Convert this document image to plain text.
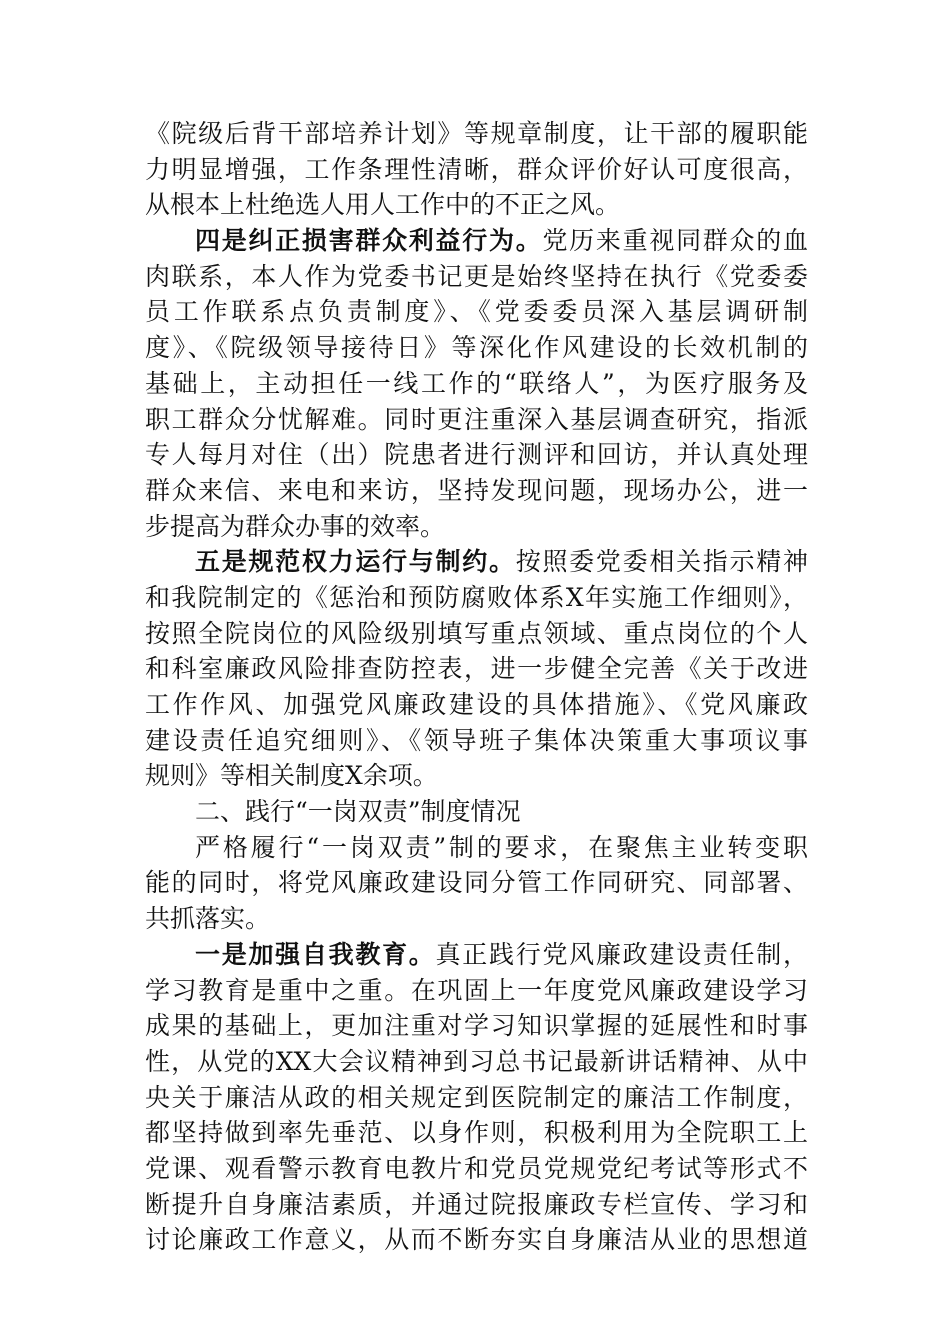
《院级后背干部培养计划》等规章制度，让干部的履职能
力明显增强，工作条理性清晰，群众评价好认可度很高，
从根本上杜绝选人用人工作中的不正之风。
四是纠正损害群众利益行为。党历来重视同群众的血
肉联系，本人作为党委书记更是始终坚持在执行《党委委
员工作联系点负责制度》、《党委委员深入基层调研制
度》、《院级领导接待日》等深化作风建设的长效机制的
基础上，主动担任一线工作的“联络人”，为医疗服务及
职工群众分忧解难。同时更注重深入基层调查研究，指派
专人每月对住（出）院患者进行测评和回访，并认真处理
群众来信、来电和来访，坚持发现问题，现场办公，进一
步提高为群众办事的效率。
五是规范权力运行与制约。按照委党委相关指示精神
和我院制定的《惩治和预防腐败体系X年实施工作细则》，
按照全院岗位的风险级别填写重点领域、重点岗位的个人
和科室廉政风险排查防控表，进一步健全完善《关于改进
工作作风、加强党风廉政建设的具体措施》、《党风廉政
建设责任追究细则》、《领导班子集体决策重大事项议事
规则》等相关制度X余项。
二、践行“一岗双责”制度情况
严格履行“一岗双责”制的要求，在聚焦主业转变职
能的同时，将党风廉政建设同分管工作同研究、同部署、
共抓落实。
一是加强自我教育。真正践行党风廉政建设责任制，
学习教育是重中之重。在巩固上一年度党风廉政建设学习
成果的基础上，更加注重对学习知识掌握的延展性和时事
性，从党的XX大会议精神到习总书记最新讲话精神、从中
央关于廉洁从政的相关规定到医院制定的廉洁工作制度，
都坚持做到率先垂范、以身作则，积极利用为全院职工上
党课、观看警示教育电教片和党员党规党纪考试等形式不
断提升自身廉洁素质，并通过院报廉政专栏宣传、学习和
讨论廉政工作意义，从而不断夯实自身廉洁从业的思想道
